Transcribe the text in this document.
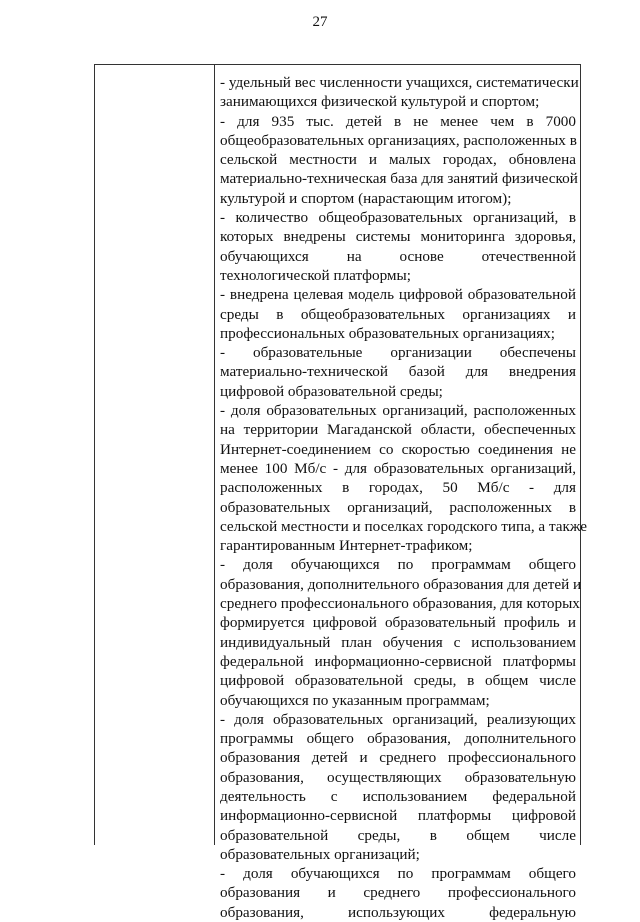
27
- удельный вес численности учащихся, систематически
занимающихся физической культурой и спортом;
- для 935 тыс. детей в не менее чем в 7000
общеобразовательных организациях, расположенных в
сельской местности и малых городах, обновлена
материально-техническая база для занятий физической
культурой и спортом (нарастающим итогом);
- количество общеобразовательных организаций, в
которых внедрены системы мониторинга здоровья,
обучающихся на основе отечественной
технологической платформы;
- внедрена целевая модель цифровой образовательной
среды в общеобразовательных организациях и
профессиональных образовательных организациях;
- образовательные организации обеспечены
материально-технической базой для внедрения
цифровой образовательной среды;
- доля образовательных организаций, расположенных
на территории Магаданской области, обеспеченных
Интернет-соединением со скоростью соединения не
менее 100 Мб/с - для образовательных организаций,
расположенных в городах, 50 Мб/с - для
образовательных организаций, расположенных в
сельской местности и поселках городского типа, а также
гарантированным Интернет-трафиком;
- доля обучающихся по программам общего
образования, дополнительного образования для детей и
среднего профессионального образования, для которых
формируется цифровой образовательный профиль и
индивидуальный план обучения с использованием
федеральной информационно-сервисной платформы
цифровой образовательной среды, в общем числе
обучающихся по указанным программам;
- доля образовательных организаций, реализующих
программы общего образования, дополнительного
образования детей и среднего профессионального
образования, осуществляющих образовательную
деятельность с использованием федеральной
информационно-сервисной платформы цифровой
образовательной среды, в общем числе
образовательных организаций;
- доля обучающихся по программам общего
образования и среднего профессионального
образования, использующих федеральную
